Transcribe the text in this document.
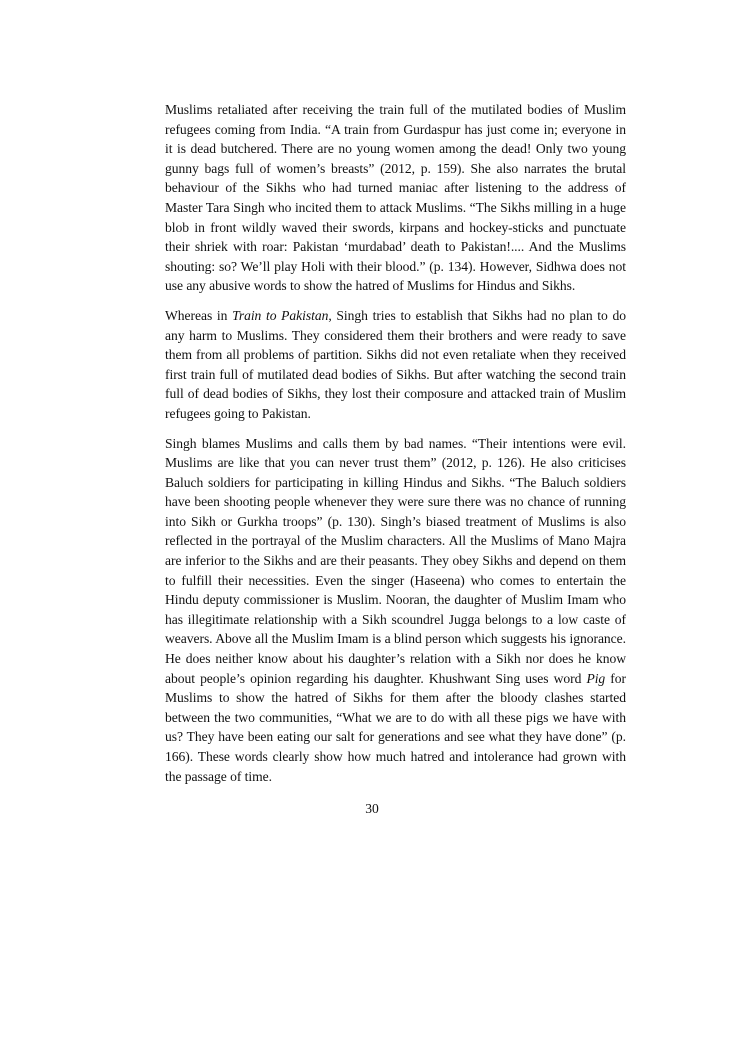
Muslims retaliated after receiving the train full of the mutilated bodies of Muslim refugees coming from India. “A train from Gurdaspur has just come in; everyone in it is dead butchered. There are no young women among the dead! Only two young gunny bags full of women’s breasts” (2012, p. 159). She also narrates the brutal behaviour of the Sikhs who had turned maniac after listening to the address of Master Tara Singh who incited them to attack Muslims. “The Sikhs milling in a huge blob in front wildly waved their swords, kirpans and hockey-sticks and punctuate their shriek with roar: Pakistan ‘murdabad’ death to Pakistan!.... And the Muslims shouting: so? We’ll play Holi with their blood.” (p. 134). However, Sidhwa does not use any abusive words to show the hatred of Muslims for Hindus and Sikhs.

Whereas in Train to Pakistan, Singh tries to establish that Sikhs had no plan to do any harm to Muslims. They considered them their brothers and were ready to save them from all problems of partition. Sikhs did not even retaliate when they received first train full of mutilated dead bodies of Sikhs. But after watching the second train full of dead bodies of Sikhs, they lost their composure and attacked train of Muslim refugees going to Pakistan.

Singh blames Muslims and calls them by bad names. “Their intentions were evil. Muslims are like that you can never trust them” (2012, p. 126). He also criticises Baluch soldiers for participating in killing Hindus and Sikhs. “The Baluch soldiers have been shooting people whenever they were sure there was no chance of running into Sikh or Gurkha troops” (p. 130). Singh’s biased treatment of Muslims is also reflected in the portrayal of the Muslim characters. All the Muslims of Mano Majra are inferior to the Sikhs and are their peasants. They obey Sikhs and depend on them to fulfill their necessities. Even the singer (Haseena) who comes to entertain the Hindu deputy commissioner is Muslim. Nooran, the daughter of Muslim Imam who has illegitimate relationship with a Sikh scoundrel Jugga belongs to a low caste of weavers. Above all the Muslim Imam is a blind person which suggests his ignorance. He does neither know about his daughter’s relation with a Sikh nor does he know about people’s opinion regarding his daughter. Khushwant Sing uses word Pig for Muslims to show the hatred of Sikhs for them after the bloody clashes started between the two communities, “What we are to do with all these pigs we have with us? They have been eating our salt for generations and see what they have done” (p. 166). These words clearly show how much hatred and intolerance had grown with the passage of time.

30
